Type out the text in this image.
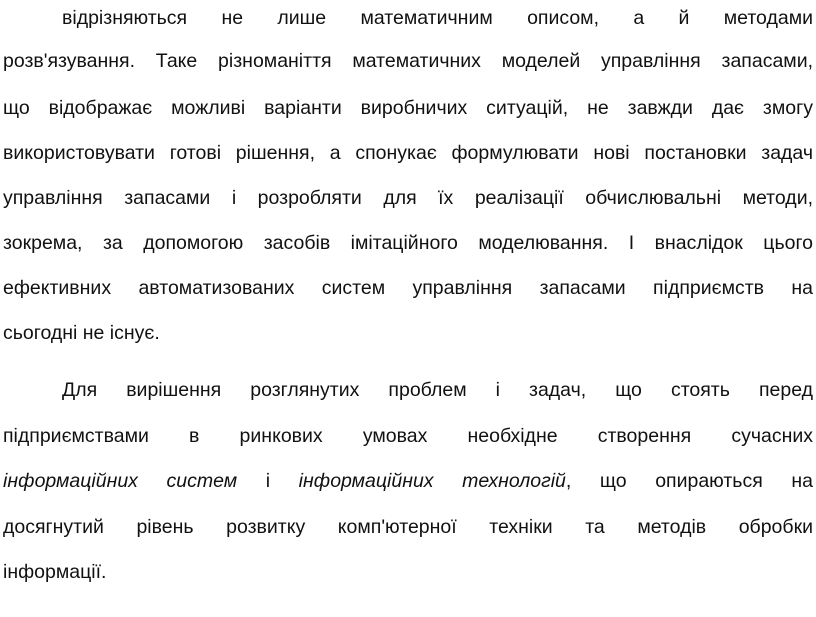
відрізняються не лише математичним описом, а й методами
розв'язування. Таке різноманіття математичних моделей управління запасами,
що відображає можливі варіанти виробничих ситуацій, не завжди дає змогу
використовувати готові рішення, а спонукає формулювати нові постановки задач
управління запасами і розробляти для їх реалізації обчислювальні методи,
зокрема, за допомогою засобів імітаційного моделювання. І внаслідок цього
ефективних автоматизованих систем управління запасами підприємств на
сьогодні не існує.
Для вирішення розглянутих проблем і задач, що стоять перед
підприємствами в ринкових умовах необхідне створення сучасних
інформаційних систем і інформаційних технологій, що опираються на
досягнутий рівень розвитку комп'ютерної техніки та методів обробки
інформації.
